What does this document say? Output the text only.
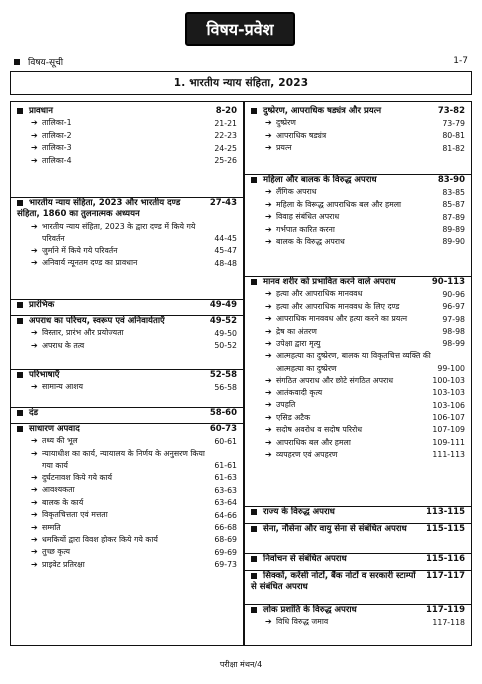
विषय-प्रवेश
विषय-सूची	1-7
1. भारतीय न्याय संहिता, 2023
प्रावधान	8-20
➔ तालिका-1	21-21
➔ तालिका-2	22-23
➔ तालिका-3	24-25
➔ तालिका-4	25-26
भारतीय न्याय संहिता, 2023 और भारतीय दण्ड संहिता, 1860 का तुलनात्मक अध्ययन
27-43
➔ भारतीय न्याय संहिता, 2023 के द्वारा दण्ड में किये गये परिवर्तन	44-45
➔ जुर्माने में किये गये परिवर्तन	45-47
➔ अनिवार्य न्यूनतम दण्ड का प्रावधान	48-48
प्रारंभिक	49-49
अपराध का परिचय, स्वरूप एवं अनिवार्यताएँ	49-52
➔ विस्तार, प्रारंभ और प्रयोज्यता	49-50
➔ अपराध के तत्व	50-52
परिभाषाएँ	52-58
➔ सामान्य आशय	56-58
दंड	58-60
साधारण अपवाद	60-73
➔ तथ्य की भूल	60-61
➔ न्यायाधीश का कार्य, न्यायालय के निर्णय के अनुसरण किया गया कार्य	61-61
➔ दुर्घटनावश किये गये कार्य	61-63
➔ आवश्यकता	63-63
➔ बालक के कार्य	63-64
➔ विकृतचित्तता एवं मत्तता	64-66
➔ सम्मति	66-68
➔ धमकियों द्वारा विवश होकर किये गये कार्य	68-69
➔ तुच्छ कृत्य	69-69
➔ प्राइवेट प्रतिरक्षा	69-73
दुष्प्रेरण, आपराधिक षड्यंत्र और प्रयत्न	73-82
➔ दुष्प्रेरण	73-79
➔ आपराधिक षड्यंत्र	80-81
➔ प्रयत्न	81-82
महिला और बालक के विरुद्ध अपराध	83-90
➔ लैंगिक अपराध	83-85
➔ महिला के विरूद्ध आपराधिक बल और हमला	85-87
➔ विवाह संबंधित अपराध	87-89
➔ गर्भपात कारित करना	89-89
➔ बालक के विरुद्ध अपराध	89-90
मानव शरीर को प्रभावित करने वाले अपराध	90-113
➔ हत्या और आपराधिक मानववध	90-96
➔ हत्या और आपराधिक मानववध के लिए दण्ड	96-97
➔ आपराधिक मानववध और हत्या करने का प्रयत्न	97-98
➔ द्रेष का अंतरण	98-98
➔ उपेक्षा द्वारा मृत्यु	98-99
➔ आत्महत्या का दुष्प्रेरण, बालक या विकृतचित्त व्यक्ति की आत्महत्या का दुष्प्रेरण	99-100
➔ संगठित अपराध और छोटे संगठित अपराध	100-103
➔ आतंकवादी कृत्य	103-103
➔ उपहति	103-106
➔ एसिड अटैक	106-107
➔ सदोष अवरोध व सदोष परिरोध	107-109
➔ आपराधिक बल और हमला	109-111
➔ व्यपहरण एवं अपहरण	111-113
राज्य के विरुद्ध अपराध	113-115
सेना, नौसेना और वायु सेना से संबंधित अपराध	115-115
निर्वाचन से संबंधित अपराध	115-116
सिक्कों, करेंसी नोटों, बैंक नोटों व सरकारी स्टाम्पों से संबंधित अपराध
117-117
लोक प्रशांति के विरुद्ध अपराध	117-119
➔ विधि विरुद्ध जमाव	117-118
परीक्षा मंथन/4
